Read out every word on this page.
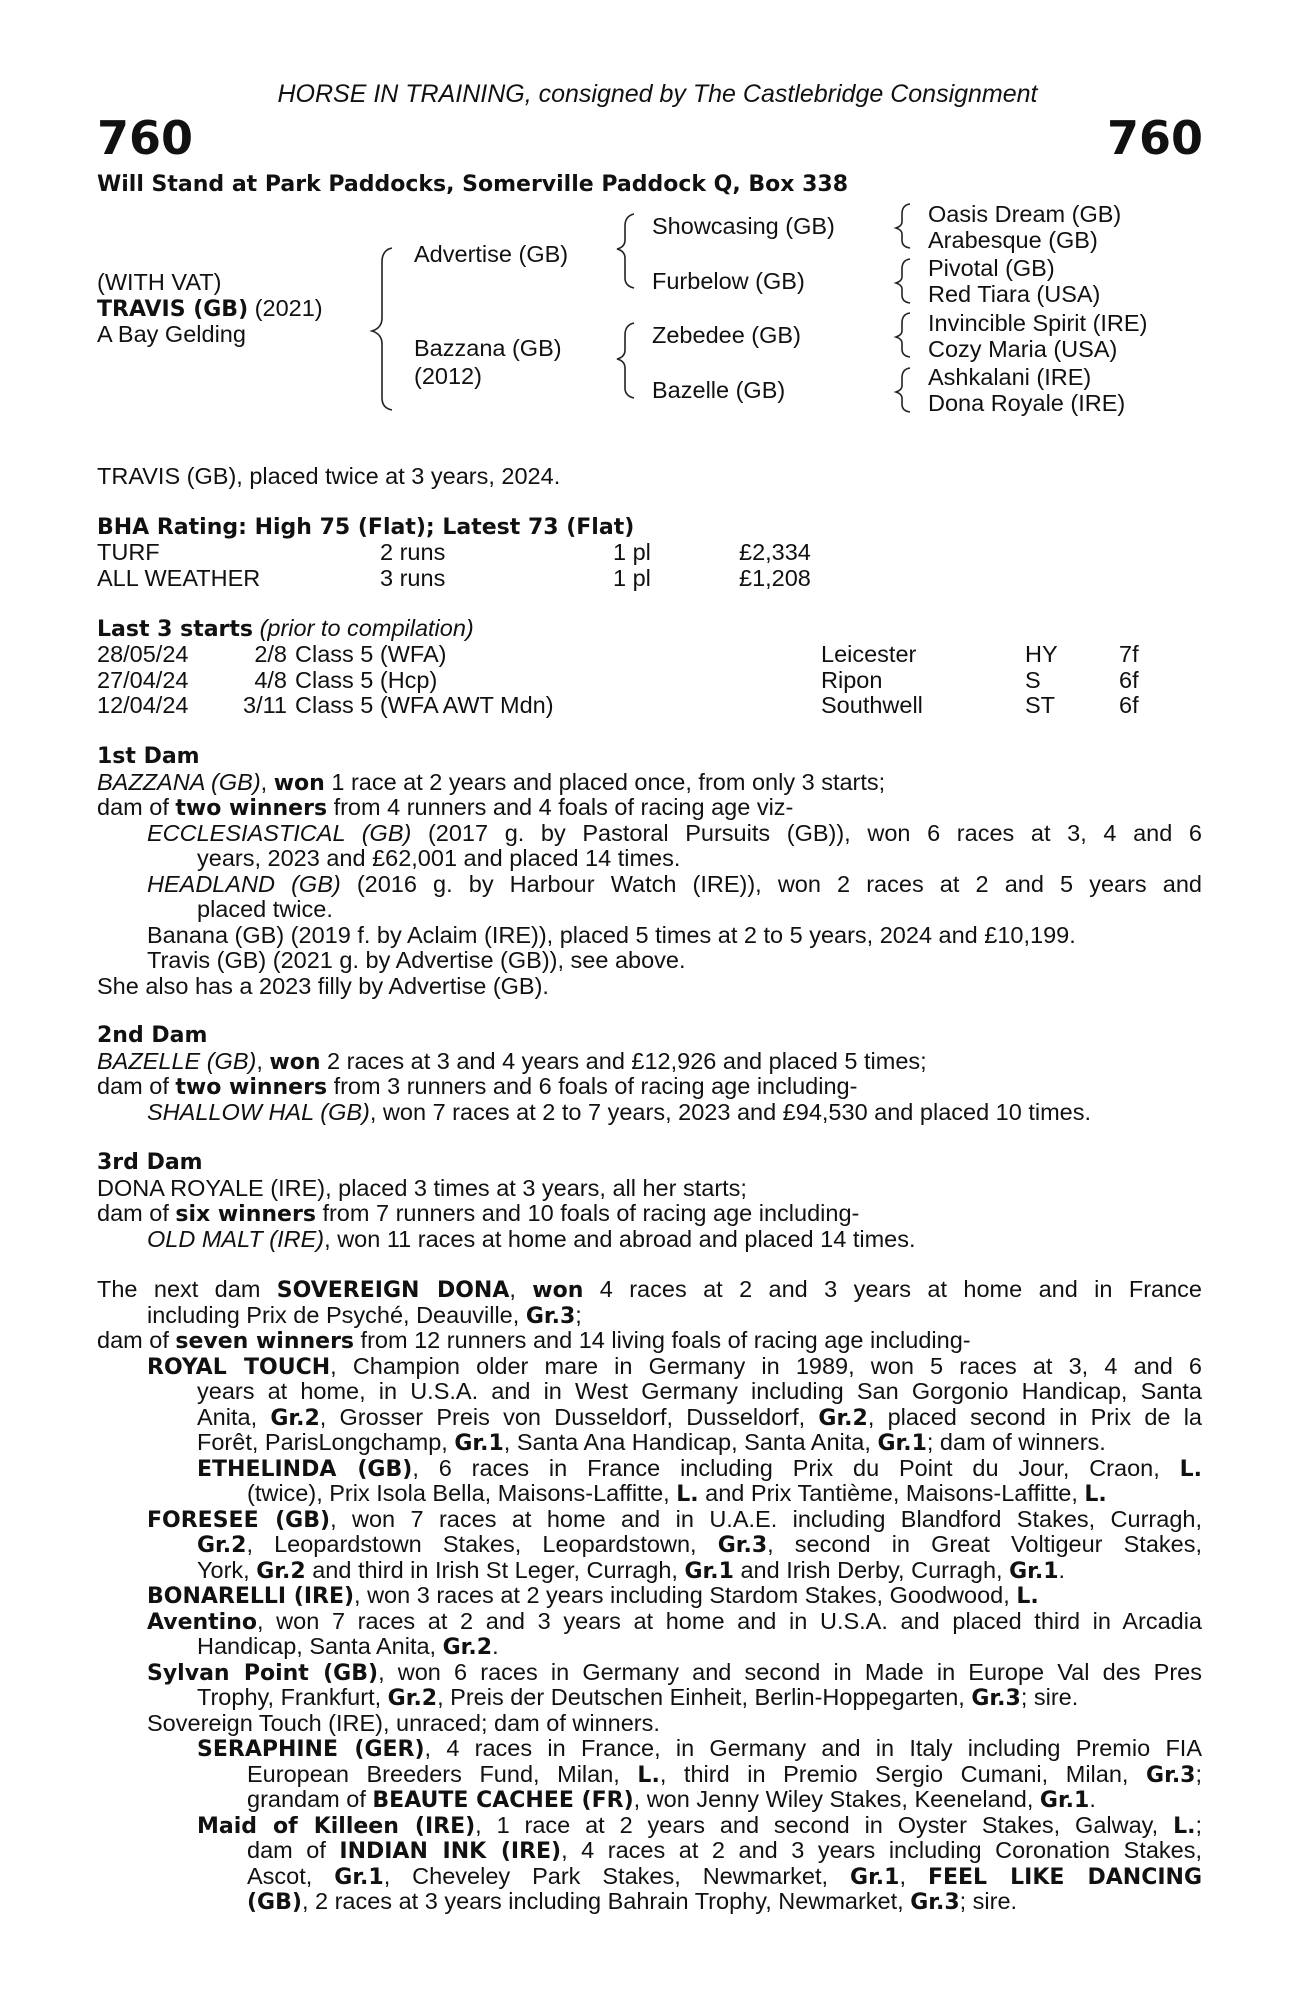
HORSE IN TRAINING, consigned by The Castlebridge Consignment
760	760
Will Stand at Park Paddocks, Somerville Paddock Q, Box 338
(WITH VAT)
TRAVIS (GB) (2021)
A Bay Gelding
Advertise (GB)
Bazzana (GB)
(2012)
Showcasing (GB)
Furbelow (GB)
Zebedee (GB)
Bazelle (GB)
Oasis Dream (GB)
Arabesque (GB)
Pivotal (GB)
Red Tiara (USA)
Invincible Spirit (IRE)
Cozy Maria (USA)
Ashkalani (IRE)
Dona Royale (IRE)
TRAVIS (GB), placed twice at 3 years, 2024.
BHA Rating: High 75 (Flat); Latest 73 (Flat)
TURF	2 runs	1 pl	£2,334
ALL WEATHER	3 runs	1 pl	£1,208
Last 3 starts (prior to compilation)
28/05/24	2/8	Class 5 (WFA)	Leicester	HY	7f
27/04/24	4/8	Class 5 (Hcp)	Ripon	S	6f
12/04/24	3/11	Class 5 (WFA AWT Mdn)	Southwell	ST	6f
1st Dam
BAZZANA (GB), won 1 race at 2 years and placed once, from only 3 starts;
dam of two winners from 4 runners and 4 foals of racing age viz-
ECCLESIASTICAL (GB) (2017 g. by Pastoral Pursuits (GB)), won 6 races at 3, 4 and 6
years, 2023 and £62,001 and placed 14 times.
HEADLAND (GB) (2016 g. by Harbour Watch (IRE)), won 2 races at 2 and 5 years and
placed twice.
Banana (GB) (2019 f. by Aclaim (IRE)), placed 5 times at 2 to 5 years, 2024 and £10,199.
Travis (GB) (2021 g. by Advertise (GB)), see above.
She also has a 2023 filly by Advertise (GB).
2nd Dam
BAZELLE (GB), won 2 races at 3 and 4 years and £12,926 and placed 5 times;
dam of two winners from 3 runners and 6 foals of racing age including-
SHALLOW HAL (GB), won 7 races at 2 to 7 years, 2023 and £94,530 and placed 10 times.
3rd Dam
DONA ROYALE (IRE), placed 3 times at 3 years, all her starts;
dam of six winners from 7 runners and 10 foals of racing age including-
OLD MALT (IRE), won 11 races at home and abroad and placed 14 times.
The next dam SOVEREIGN DONA, won 4 races at 2 and 3 years at home and in France
including Prix de Psyché, Deauville, Gr.3;
dam of seven winners from 12 runners and 14 living foals of racing age including-
ROYAL TOUCH, Champion older mare in Germany in 1989, won 5 races at 3, 4 and 6
years at home, in U.S.A. and in West Germany including San Gorgonio Handicap, Santa
Anita, Gr.2, Grosser Preis von Dusseldorf, Dusseldorf, Gr.2, placed second in Prix de la
Forêt, ParisLongchamp, Gr.1, Santa Ana Handicap, Santa Anita, Gr.1; dam of winners.
ETHELINDA (GB), 6 races in France including Prix du Point du Jour, Craon, L.
(twice), Prix Isola Bella, Maisons-Laffitte, L. and Prix Tantième, Maisons-Laffitte, L.
FORESEE (GB), won 7 races at home and in U.A.E. including Blandford Stakes, Curragh,
Gr.2, Leopardstown Stakes, Leopardstown, Gr.3, second in Great Voltigeur Stakes,
York, Gr.2 and third in Irish St Leger, Curragh, Gr.1 and Irish Derby, Curragh, Gr.1.
BONARELLI (IRE), won 3 races at 2 years including Stardom Stakes, Goodwood, L.
Aventino, won 7 races at 2 and 3 years at home and in U.S.A. and placed third in Arcadia
Handicap, Santa Anita, Gr.2.
Sylvan Point (GB), won 6 races in Germany and second in Made in Europe Val des Pres
Trophy, Frankfurt, Gr.2, Preis der Deutschen Einheit, Berlin-Hoppegarten, Gr.3; sire.
Sovereign Touch (IRE), unraced; dam of winners.
SERAPHINE (GER), 4 races in France, in Germany and in Italy including Premio FIA
European Breeders Fund, Milan, L., third in Premio Sergio Cumani, Milan, Gr.3;
grandam of BEAUTE CACHEE (FR), won Jenny Wiley Stakes, Keeneland, Gr.1.
Maid of Killeen (IRE), 1 race at 2 years and second in Oyster Stakes, Galway, L.;
dam of INDIAN INK (IRE), 4 races at 2 and 3 years including Coronation Stakes,
Ascot, Gr.1, Cheveley Park Stakes, Newmarket, Gr.1, FEEL LIKE DANCING
(GB), 2 races at 3 years including Bahrain Trophy, Newmarket, Gr.3; sire.
